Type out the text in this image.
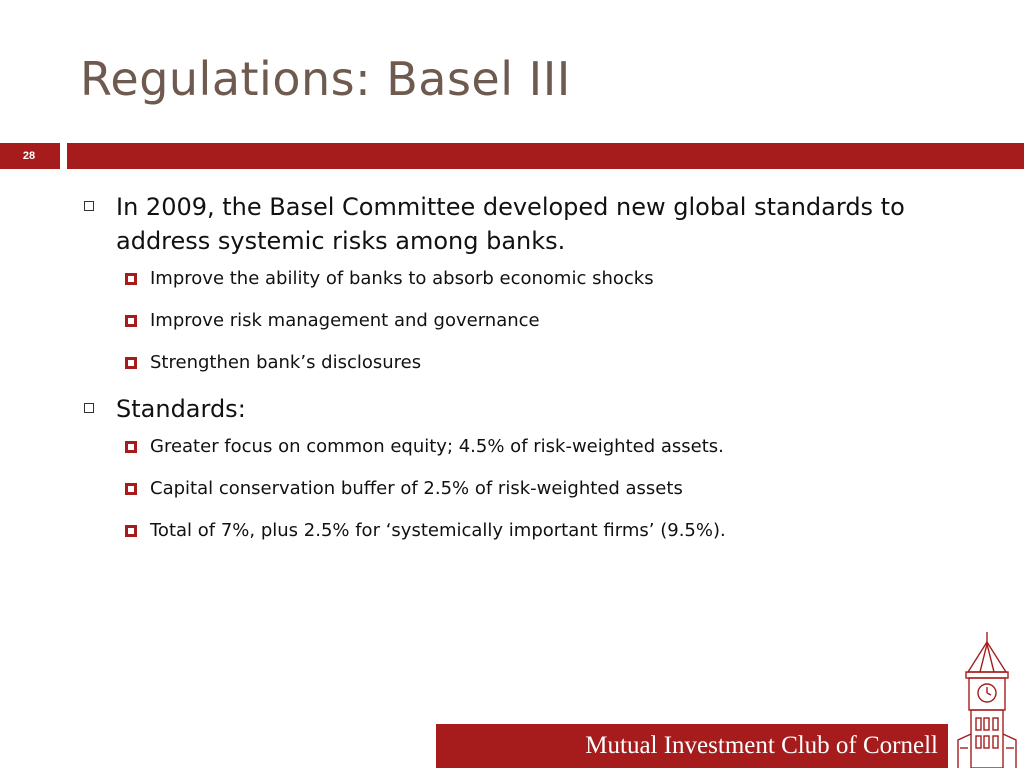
Regulations: Basel III
28
In 2009, the Basel Committee developed new global standards to address systemic risks among banks.
Improve the ability of banks to absorb economic shocks
Improve risk management and governance
Strengthen bank’s disclosures
Standards:
Greater focus on common equity; 4.5% of risk-weighted assets.
Capital conservation buffer of 2.5% of risk-weighted assets
Total of 7%, plus 2.5% for ‘systemically important firms’ (9.5%).
Mutual Investment Club of Cornell
